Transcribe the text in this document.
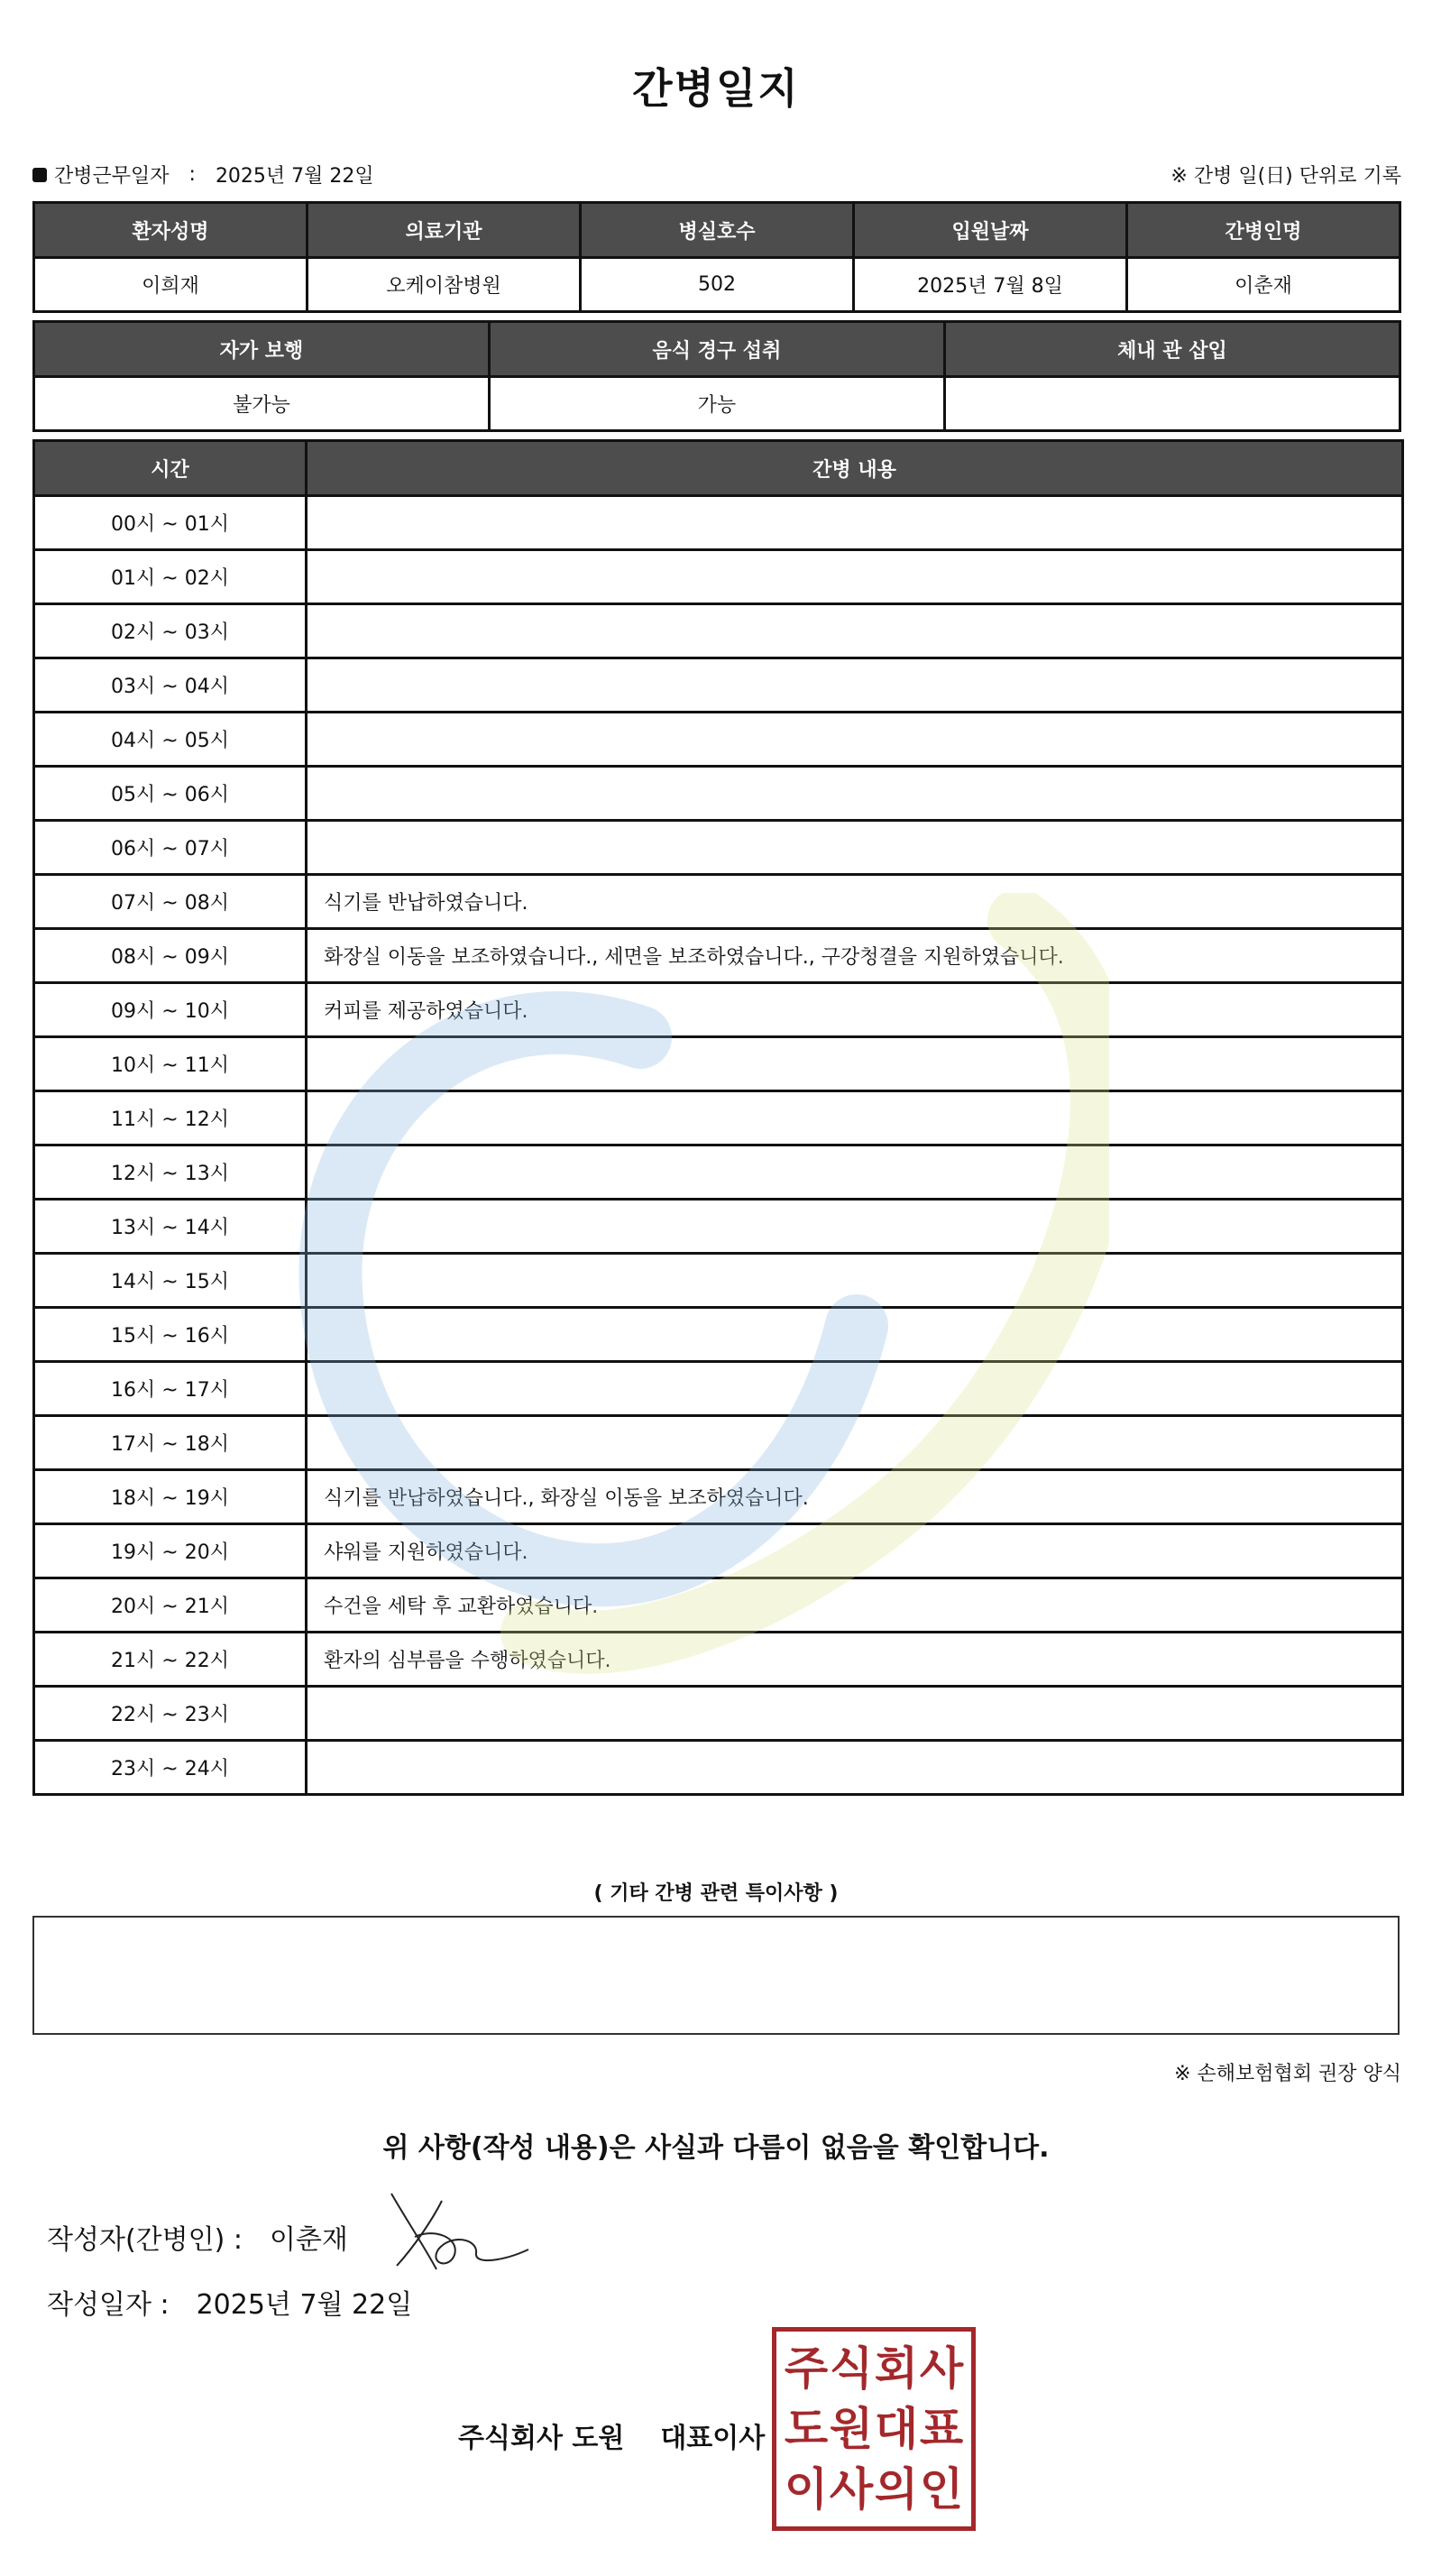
간병일지
간병근무일자 : 2025년 7월 22일	※ 간병 일(日) 단위로 기록
환자성명	의료기관	병실호수	입원날짜	간병인명
이희재	오케이참병원	502	2025년 7월 8일	이춘재
자가 보행	음식 경구 섭취	체내 관 삽입
불가능	가능	
시간	간병 내용
00시 ~ 01시	
01시 ~ 02시	
02시 ~ 03시	
03시 ~ 04시	
04시 ~ 05시	
05시 ~ 06시	
06시 ~ 07시	
07시 ~ 08시	식기를 반납하였습니다.
08시 ~ 09시	화장실 이동을 보조하였습니다., 세면을 보조하였습니다., 구강청결을 지원하였습니다.
09시 ~ 10시	커피를 제공하였습니다.
10시 ~ 11시	
11시 ~ 12시	
12시 ~ 13시	
13시 ~ 14시	
14시 ~ 15시	
15시 ~ 16시	
16시 ~ 17시	
17시 ~ 18시	
18시 ~ 19시	식기를 반납하였습니다., 화장실 이동을 보조하였습니다.
19시 ~ 20시	샤워를 지원하였습니다.
20시 ~ 21시	수건을 세탁 후 교환하였습니다.
21시 ~ 22시	환자의 심부름을 수행하였습니다.
22시 ~ 23시	
23시 ~ 24시	
( 기타 간병 관련 특이사항 )
※ 손해보험협회 권장 양식
위 사항(작성 내용)은 사실과 다름이 없음을 확인합니다.
작성자(간병인) : 이춘재
작성일자 : 2025년 7월 22일
주식회사 도원 대표이사
주 식 회 사
도 원 대 표
이 사 의 인
